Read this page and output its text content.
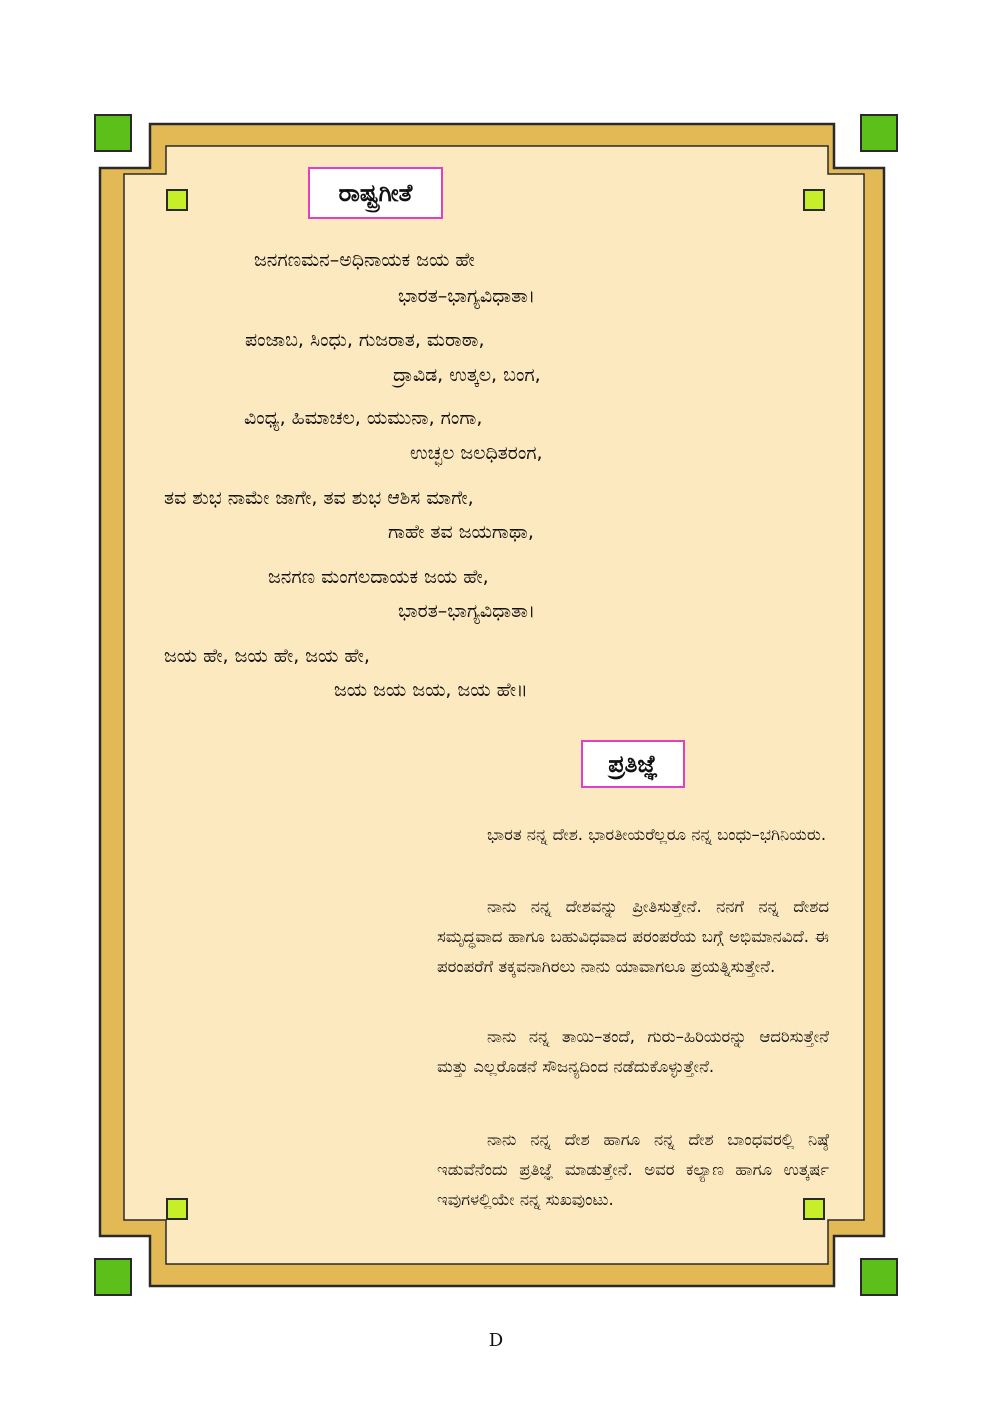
ರಾಷ್ಟ್ರಗೀತೆ
ಜನಗಣಮನ–ಅಧಿನಾಯಕ ಜಯ ಹೇ
ಭಾರತ–ಭಾಗ್ಯವಿಧಾತಾ।
ಪಂಜಾಬ, ಸಿಂಧು, ಗುಜರಾತ, ಮರಾಠಾ,
ದ್ರಾವಿಡ, ಉತ್ಕಲ, ಬಂಗ,
ವಿಂಧ್ಯ, ಹಿಮಾಚಲ, ಯಮುನಾ, ಗಂಗಾ,
ಉಚ್ಛಲ ಜಲಧಿತರಂಗ,
ತವ ಶುಭ ನಾಮೇ ಜಾಗೇ, ತವ ಶುಭ ಆಶಿಸ ಮಾಗೇ,
ಗಾಹೇ ತವ ಜಯಗಾಥಾ,
ಜನಗಣ ಮಂಗಲದಾಯಕ ಜಯ ಹೇ,
ಭಾರತ–ಭಾಗ್ಯವಿಧಾತಾ।
ಜಯ ಹೇ, ಜಯ ಹೇ, ಜಯ ಹೇ,
ಜಯ ಜಯ ಜಯ, ಜಯ ಹೇ॥
ಪ್ರತಿಜ್ಞೆ

ಭಾರತ ನನ್ನ ದೇಶ. ಭಾರತೀಯರೆಲ್ಲರೂ ನನ್ನ ಬಂಧು–ಭಗಿನಿಯರು.

ನಾನು ನನ್ನ ದೇಶವನ್ನು ಪ್ರೀತಿಸುತ್ತೇನೆ. ನನಗೆ ನನ್ನ ದೇಶದ ಸಮೃದ್ಧವಾದ ಹಾಗೂ ಬಹುವಿಧವಾದ ಪರಂಪರೆಯ ಬಗ್ಗೆ ಅಭಿಮಾನವಿದೆ. ಈ ಪರಂಪರೆಗೆ ತಕ್ಕವನಾಗಿರಲು ನಾನು ಯಾವಾಗಲೂ ಪ್ರಯತ್ನಿಸುತ್ತೇನೆ.

ನಾನು ನನ್ನ ತಾಯಿ–ತಂದೆ, ಗುರು–ಹಿರಿಯರನ್ನು ಆದರಿಸುತ್ತೇನೆ ಮತ್ತು ಎಲ್ಲರೊಡನೆ ಸೌಜನ್ಯದಿಂದ ನಡೆದುಕೊಳ್ಳುತ್ತೇನೆ.

ನಾನು ನನ್ನ ದೇಶ ಹಾಗೂ ನನ್ನ ದೇಶ ಬಾಂಧವರಲ್ಲಿ ನಿಷ್ಠೆ ಇಡುವೆನೆಂದು ಪ್ರತಿಜ್ಞೆ ಮಾಡುತ್ತೇನೆ. ಅವರ ಕಲ್ಯಾಣ ಹಾಗೂ ಉತ್ಕರ್ಷ ಇವುಗಳಲ್ಲಿಯೇ ನನ್ನ ಸುಖವುಂಟು.

D
